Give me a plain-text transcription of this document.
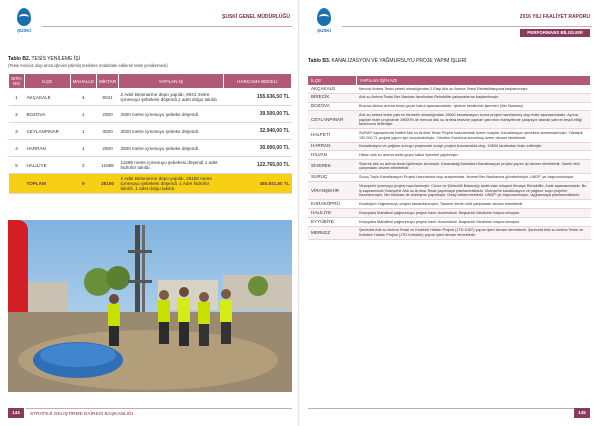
ŞUSKİ
ŞUSKİ GENEL MÜDÜRLÜĞÜ
Tablo B2. TESİS YENİLEME İŞİ
(Tesis mevcut olup arıza işlevini yitirmiş tesislere müdahale edilerek tesis yenilenmesi)
SIRA NO	İLÇE	MAHALLE	MİKTAR	YAPILAN İŞ	HARCAMA BEDELİ
1	AKÇAKALE	4	9041	2 Adet Betonarme depo yapıldı, 9041 metre içmesuyu şebekesi döşendi,1 adet dolgu takıldı	155.636,50 TL
2	BOZOVA	1	2000	2000 metre içmesuyu şebeke döşendi	39.500,00 TL
3	CEYLANPINAR	1	3020	3020 metre içmesuyu şebeke döşendi.	32.940,00 TL
4	HARRAN	1	2500	2500 metre içmesuyu şebeke döşendi.	30.000,00 TL
5	HALİLİYE	2	11589	11589 metre içmesuyu şebekesi döşendi 1 adet hidrofor takıldı.	122.765,00 TL
	TOPLAM	9	28150	2 Adet Betonarme depo yapıldı, 28150 metre içmesuyu şebekesi döşendi, 1 Adet hidrofor takıldı ,1 adet dolgu takıldı.	380.841,50 TL
144	STRATEJİ GELİŞTİRME DAİRESİ BAŞKANLIĞI
ŞUSKİ
2016 YILI FAALİYET RAPORU
PERFORMANS BİLGİLERİ
Tablo B3. KANALİZASYON VE YAĞMURSUYU PROJE YAPIM İŞLERİ
İLÇE	YAPILAN İŞİN ADI
AKÇAKALE	Mevcut Arıtma Tesisi yeterli olmadığından 2 Etap Atık su Arıtma Tesisi Rehabilitasyona başlanılmıştır.
BİRECİK	Atık su Arıtma Tesisi İller Bankası tarafından Rehabilite çalışmalarına başlanılmıştır.
BOZOVA	Bozova Atıksu arıtma tesisi geçici kabul aşamasındadır. İşletme kesilerinin işlemleri (İller Bankası)
CEYLANPINAR	Atık su arıtma tesisi yatırım hizmetin olmadığından 19600 kanalizasyon sonra projesi hazırlanmış olup ihale aşamasındadır. Ayrıca yapılan ihale projesinde 19600% ile mevcut atık su arıtma tesisine yapılan yatırımın mahiyetinde çalışılıyor atanak yatırım teşkil ettiği tarafımıza iletilmiştir.
HALFETİ	SURAP kapsamında Halfeti Atık su Arıtma Tesisi Projesi hazırlanmak üzere onaylar. Kanalizasyon şebekesi tamamlanmıştır. Yaklaşık 130.000 TL projesi yapım için borçlandırılıştır. Yönetim Kuruluna sunulmuş üzere devam etmektedir.
HARRAN	Kanalizasyon ve yağmur sunuyu projesinde onaylı projesi kurulamakla olup, 19600 tarafından ihale edilmiştir.
HİLVAN	Hilvan atık su arıtma tesisi geçici kabul işlemleri yapılmıştır.
SİVEREK	Siverek atık su arıtma tesisi işletmeye alınmıştır. Karacadağ Mahallesi Kanalizasyon projesi yapım işi devam etmektedir. Zamin etüt çalışmaları devam etmektedir.
SURUÇ	Suruç Toplu Kanalizasyon Projesi hazırlanma olup araştırmalar Jeomet İller Bankasına gönderilmiştir. UNDP' ye başvurulmuştur.
VİRANŞEHİR	Viranşehir içmesuyu projesi hazırlanmıştır. Cevre ve Şehircilik Bakanlığı tarafından müşavir firmaya Rehabilite, ihale aşamasındadır. Bu iş kapsamında Viranşehir Atık su Arıtma Tesisi yapılmaya planlanmaktadır. Viranşehir kanalizasyon ve yağmur suyu projeleri hazırlanmıştır. İller Bankası ile sözleşme yapılmıştır. Onay beklenmektedir. UNDP' ye başvurulmuştur, uygulamaya planlanmaktadır.
KARAKÖPRÜ	Karaköprü Yağmursuyu projesi tamamlanmıştır. Tasarım zemin etüt çalışmaları devam etmektedir.
HALİLİYE	Karşıyaka Mahallesi yağmursuyu projesi hazır durumdadır. Başkanlık Meclisine başvurulmuştur.
EYYÜBİYE	Karşıyaka Mahallesi yağmursuyu projesi hazır durumdadır. Başkanlık Meclisine başvurulmuştur.
MERKEZ	Şanlıurfa Atık su Arıtma Tesisi ve Kolektör Hatları Projesi (JTD-GIAT) yapım işleri devam etmektedir. Şanlıurfa Atık su Arıtma Tesisi ve Kolektör Hatları Projesi (JTD-Kolektör) yapım işleri devam etmektedir.
145
